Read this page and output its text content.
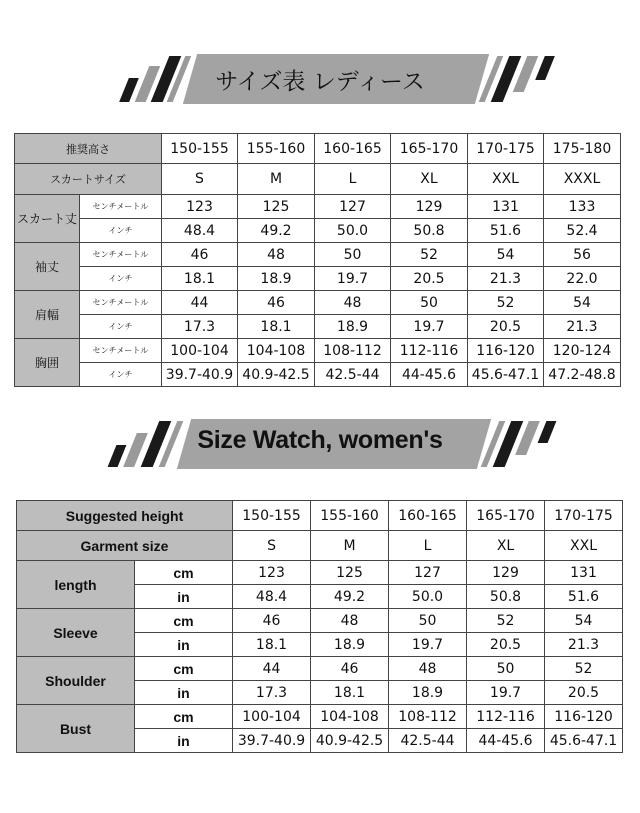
サイズ表 レディース
推奨高さ		150-155	155-160	160-165	165-170	170-175	175-180
スカートサイズ		S	M	L	XL	XXL	XXXL
スカート丈	センチメートル	123	125	127	129	131	133
	インチ	48.4	49.2	50.0	50.8	51.6	52.4
袖丈	センチメートル	46	48	50	52	54	56
	インチ	18.1	18.9	19.7	20.5	21.3	22.0
肩幅	センチメートル	44	46	48	50	52	54
	インチ	17.3	18.1	18.9	19.7	20.5	21.3
胸囲	センチメートル	100-104	104-108	108-112	112-116	116-120	120-124
	インチ	39.7-40.9	40.9-42.5	42.5-44	44-45.6	45.6-47.1	47.2-48.8
Size Watch, women's
Suggested height		150-155	155-160	160-165	165-170	170-175
Garment size		S	M	L	XL	XXL
length	cm	123	125	127	129	131
	in	48.4	49.2	50.0	50.8	51.6
Sleeve	cm	46	48	50	52	54
	in	18.1	18.9	19.7	20.5	21.3
Shoulder	cm	44	46	48	50	52
	in	17.3	18.1	18.9	19.7	20.5
Bust	cm	100-104	104-108	108-112	112-116	116-120
	in	39.7-40.9	40.9-42.5	42.5-44	44-45.6	45.6-47.1
